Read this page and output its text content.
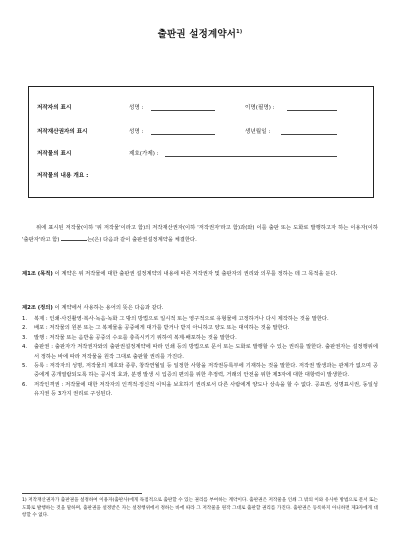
출판권 설정계약서$^{1)}$
저작자의 표시	성명 :	이명(필명) :
저작재산권자의 표시	성명 :	생년월일 :
저작물의 표시	제호(가제) :
저작물의 내용 개요 :
위에 표시된 저작물(이하 '위 저작물'이라고 함)의 저작재산권자(이하 '저작권자'라고 함)과(와) 이를 출판 또는 도화로 발행하고자 하는 이용자(이하 '출판자'라고 함)	는(은) 다음과 같이 출판권설정계약을 체결한다.
제1조 (목적) 이 계약은 위 저작물에 대한 출판권 설정계약의 내용에 따른 저작권자 및 출판자의 권리와 의무를 정하는 데 그 목적을 둔다.
제2조 (정의) 이 계약에서 사용하는 용어의 뜻은 다음과 같다.
1. 복제 : 인쇄·사진촬영·복사·녹음·녹화 그 밖의 방법으로 일시적 또는 영구적으로 유형물에 고정하거나 다시 제작하는 것을 말한다.
2. 배포 : 저작물의 원본 또는 그 복제물을 공중에게 대가를 받거나 받지 아니하고 양도 또는 대여하는 것을 말한다.
3. 발행 : 저작물 또는 음반을 공중의 수요를 충족시키기 위하여 복제·배포하는 것을 말한다.
4. 출판권 : 출판자가 저작권자와의 출판권설정계약에 따라 인쇄 등의 방법으로 문서 또는 도화로 발행할 수 있는 권리를 말한다. 출판권자는 설정행위에서 정하는 바에 따라 저작물을 원작 그대로 출판할 권리를 가진다.
5. 등록 : 저작자의 성명, 저작물의 제호와 종류, 창작연월일 등 일정한 사항을 저작권등록부에 기재하는 것을 말한다. 저작권 발생과는 관계가 없으며 공중에게 공개열람되도록 하는 공시적 효과, 분쟁 발생 시 입증의 편의를 위한 추정력, 거래의 안전을 위한 제3자에 대한 대항력이 발생한다.
6. 저작인격권 : 저작물에 대한 저작자의 인격적·정신적 이익을 보호하기 권리로서 다른 사람에게 양도나 상속을 할 수 없다. 공표권, 성명표시권, 동일성유지권 등 3가지 권리로 구성된다.
1) 저작재산권자가 출판권을 설정하여 이용자(출판사)에게 독점적으로 출판할 수 있는 권리를 부여하는 계약이다. 출판권은 저작물을 인쇄 그 밖의 이와 유사한 방법으로 문서 또는 도화로 발행하는 것을 말하며, 출판권을 설정받은 자는 설정행위에서 정하는 바에 따라 그 저작물을 원작 그대로 출판할 권리를 가진다. 출판권은 등록하지 아니하면 제3자에게 대항할 수 없다.
